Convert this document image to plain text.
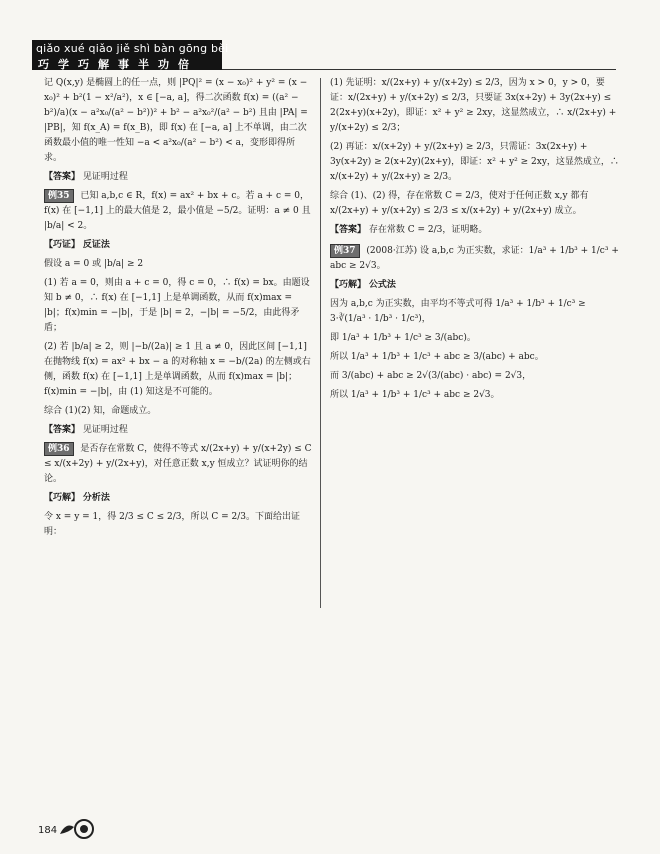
qiǎo xué qiǎo jiě shì bàn gōng bèi
巧学巧解事半功倍

记 Q(x,y) 是椭圆上的任一点，则 |PQ|² = (x − x₀)² + y² = (x − x₀)² + b²(1 − x²/a²)，x ∈ [−a, a]，得二次函数 f(x) = ((a² − b²)/a)(x − a²x₀/(a² − b²))² + b² − a²x₀²/(a² − b²) 且由 |PA| = |PB|，知 f(x_A) = f(x_B)，即 f(x) 在 [−a, a] 上不单调，由二次函数最小值的唯一性知 −a < a²x₀/(a² − b²) < a，变形即得所求。

【答案】 见证明过程

例35 已知 a,b,c ∈ R，f(x) = ax² + bx + c。若 a + c = 0，f(x) 在 [−1,1] 上的最大值是 2，最小值是 −5/2。证明：a ≠ 0 且 |b/a| < 2。

【巧证】 反证法

假设 a = 0 或 |b/a| ≥ 2

(1) 若 a = 0，则由 a + c = 0，得 c = 0，∴ f(x) = bx。由题设知 b ≠ 0，∴ f(x) 在 [−1,1] 上是单调函数，从而 f(x)max = |b|；f(x)min = −|b|，于是 |b| = 2，−|b| = −5/2，由此得矛盾；

(2) 若 |b/a| ≥ 2，则 |−b/(2a)| ≥ 1 且 a ≠ 0，因此区间 [−1,1] 在抛物线 f(x) = ax² + bx − a 的对称轴 x = −b/(2a) 的左侧或右侧，函数 f(x) 在 [−1,1] 上是单调函数，从而 f(x)max = |b|；f(x)min = −|b|，由 (1) 知这是不可能的。

综合 (1)(2) 知，命题成立。

【答案】 见证明过程

例36 是否存在常数 C，使得不等式 x/(2x+y) + y/(x+2y) ≤ C ≤ x/(x+2y) + y/(2x+y)，对任意正数 x,y 恒成立？试证明你的结论。

【巧解】 分析法

令 x = y = 1，得 2/3 ≤ C ≤ 2/3，所以 C = 2/3。下面给出证明：

(1) 先证明：x/(2x+y) + y/(x+2y) ≤ 2/3，因为 x > 0，y > 0，要证：x/(2x+y) + y/(x+2y) ≤ 2/3，只要证 3x(x+2y) + 3y(2x+y) ≤ 2(2x+y)(x+2y)，即证：x² + y² ≥ 2xy，这显然成立，∴ x/(2x+y) + y/(x+2y) ≤ 2/3；

(2) 再证：x/(x+2y) + y/(2x+y) ≥ 2/3，只需证：3x(2x+y) + 3y(x+2y) ≥ 2(x+2y)(2x+y)，即证：x² + y² ≥ 2xy，这显然成立，∴ x/(x+2y) + y/(2x+y) ≥ 2/3。

综合 (1)、(2) 得，存在常数 C = 2/3，使对于任何正数 x,y 都有 x/(2x+y) + y/(x+2y) ≤ 2/3 ≤ x/(x+2y) + y/(2x+y) 成立。

【答案】 存在常数 C = 2/3，证明略。

例37 (2008·江苏) 设 a,b,c 为正实数，求证：1/a³ + 1/b³ + 1/c³ + abc ≥ 2√3。

【巧解】 公式法

因为 a,b,c 为正实数，由平均不等式可得 1/a³ + 1/b³ + 1/c³ ≥ 3·∛(1/a³ · 1/b³ · 1/c³)，

即 1/a³ + 1/b³ + 1/c³ ≥ 3/(abc)。

所以 1/a³ + 1/b³ + 1/c³ + abc ≥ 3/(abc) + abc。

而 3/(abc) + abc ≥ 2√(3/(abc) · abc) = 2√3，

所以 1/a³ + 1/b³ + 1/c³ + abc ≥ 2√3。

184
